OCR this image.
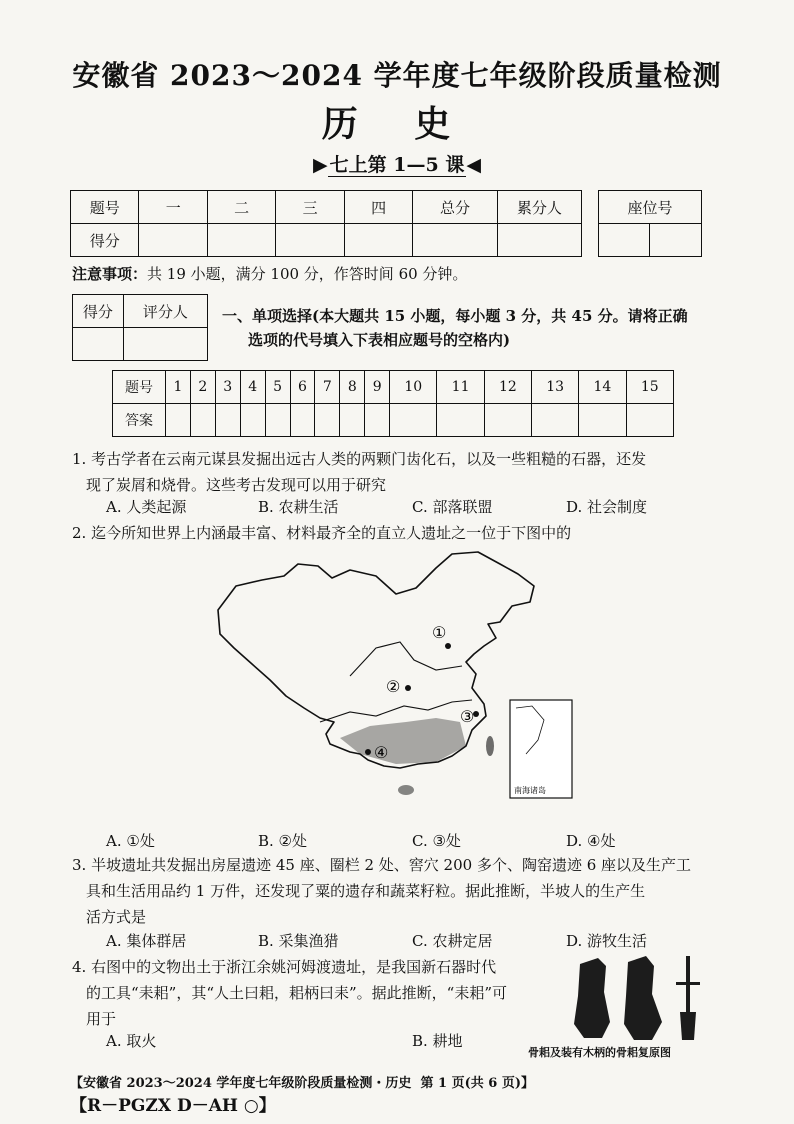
安徽省 2023～2024 学年度七年级阶段质量检测
历 史
▶ 七上第 1—5 课 ◀
题号	一	二	三	四	总分	累分人
得分						
座位号

注意事项：共 19 小题，满分 100 分，作答时间 60 分钟。
得分	评分人
	一、单项选择(本大题共 15 小题，每小题 3 分，共 45 分。请将正确
选项的代号填入下表相应题号的空格内)
题号	1	2	3	4	5	6	7	8	9	10	11	12	13	14	15
答案															
1. 考古学者在云南元谋县发掘出远古人类的两颗门齿化石，以及一些粗糙的石器，还发
现了炭屑和烧骨。这些考古发现可以用于研究
A. 人类起源	B. 农耕生活	C. 部落联盟	D. 社会制度
2. 迄今所知世界上内涵最丰富、材料最齐全的直立人遗址之一位于下图中的
①
②
③
④
南海诸岛
A. ①处	B. ②处	C. ③处	D. ④处
3. 半坡遗址共发掘出房屋遗迹 45 座、圈栏 2 处、窖穴 200 多个、陶窑遗迹 6 座以及生产工
具和生活用品约 1 万件，还发现了粟的遗存和蔬菜籽粒。据此推断，半坡人的生产生
活方式是
A. 集体群居	B. 采集渔猎	C. 农耕定居	D. 游牧生活
4. 右图中的文物出土于浙江余姚河姆渡遗址，是我国新石器时代
的工具“耒耜”，其“人土曰耜，耜柄曰耒”。据此推断，“耒耜”可
用于
A. 取火	B. 耕地
骨耜及装有木柄的骨耜复原图
【安徽省 2023～2024 学年度七年级阶段质量检测・历史 第 1 页(共 6 页)】【R－PGZX D－AH ○】
